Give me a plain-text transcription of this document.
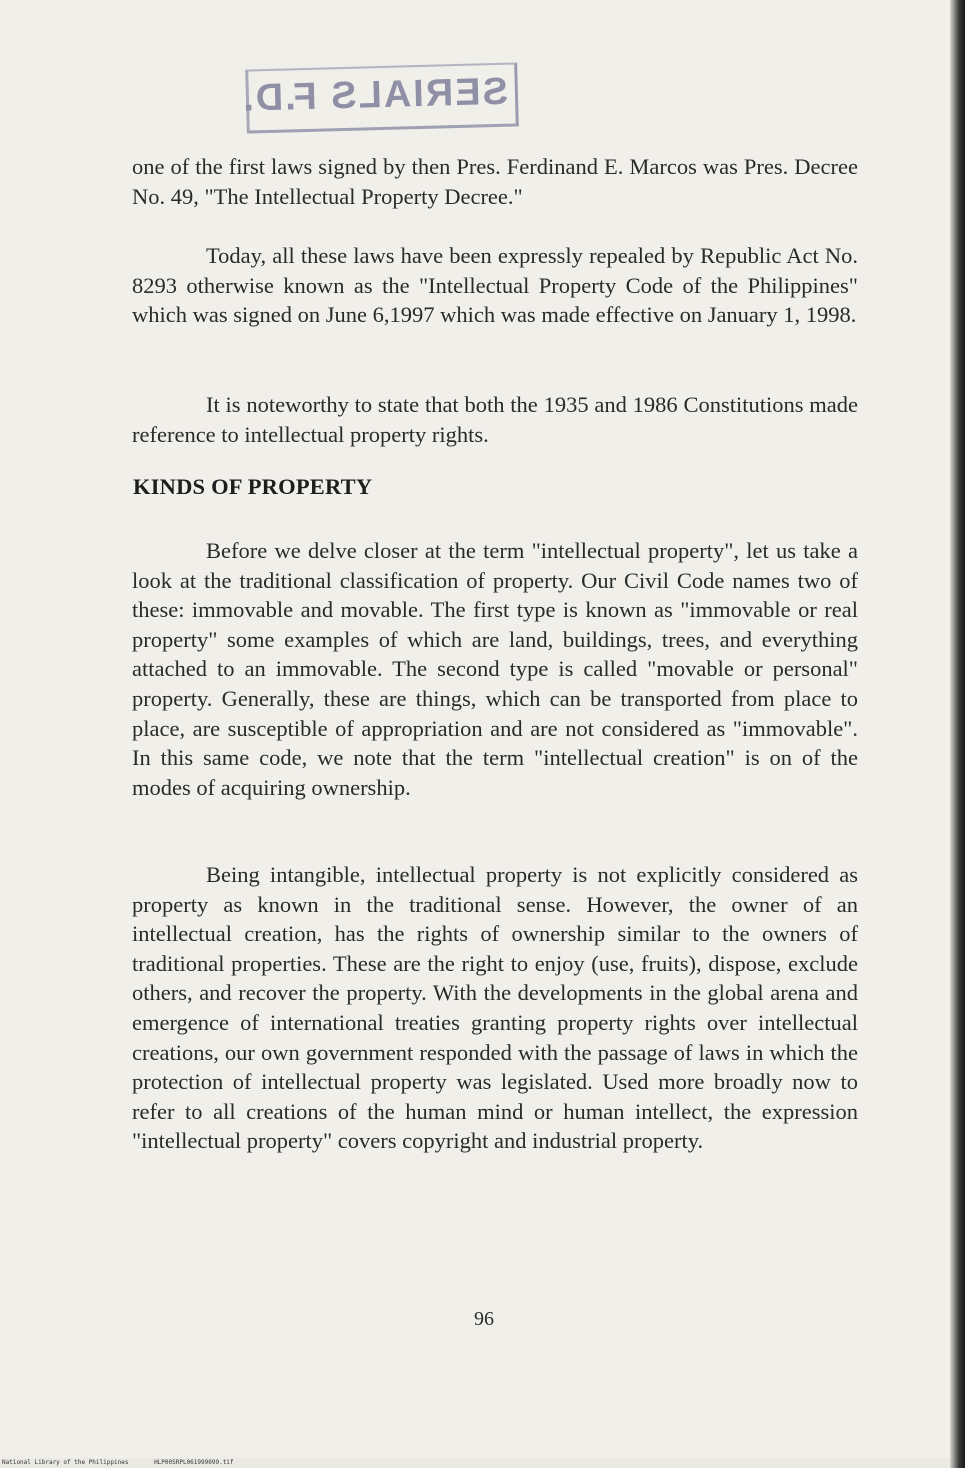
SERIALS F.D.
one of the first laws signed by then Pres. Ferdinand E. Marcos was Pres. Decree No. 49, "The Intellectual Property Decree."
Today, all these laws have been expressly repealed by Republic Act No. 8293 otherwise known as the "Intellectual Property Code of the Philippines" which was signed on June 6,1997 which was made effective on January 1, 1998.
It is noteworthy to state that both the 1935 and 1986 Constitutions made reference to intellectual property rights.
KINDS OF PROPERTY
Before we delve closer at the term "intellectual property", let us take a look at the traditional classification of property. Our Civil Code names two of these: immovable and movable. The first type is known as "immovable or real property" some examples of which are land, buildings, trees, and everything attached to an immovable. The second type is called "movable or personal" property. Generally, these are things, which can be transported from place to place, are susceptible of appropriation and are not considered as "immovable". In this same code, we note that the term "intellectual creation" is on of the modes of acquiring ownership.
Being intangible, intellectual property is not explicitly considered as property as known in the traditional sense. However, the owner of an intellectual creation, has the rights of ownership similar to the owners of traditional properties. These are the right to enjoy (use, fruits), dispose, exclude others, and recover the property. With the developments in the global arena and emergence of international treaties granting property rights over intellectual creations, our own government responded with the passage of laws in which the protection of intellectual property was legislated. Used more broadly now to refer to all creations of the human mind or human intellect, the expression "intellectual property" covers copyright and industrial property.
96
National Library of the Philippines	HLP00SRPL061999099.tif
